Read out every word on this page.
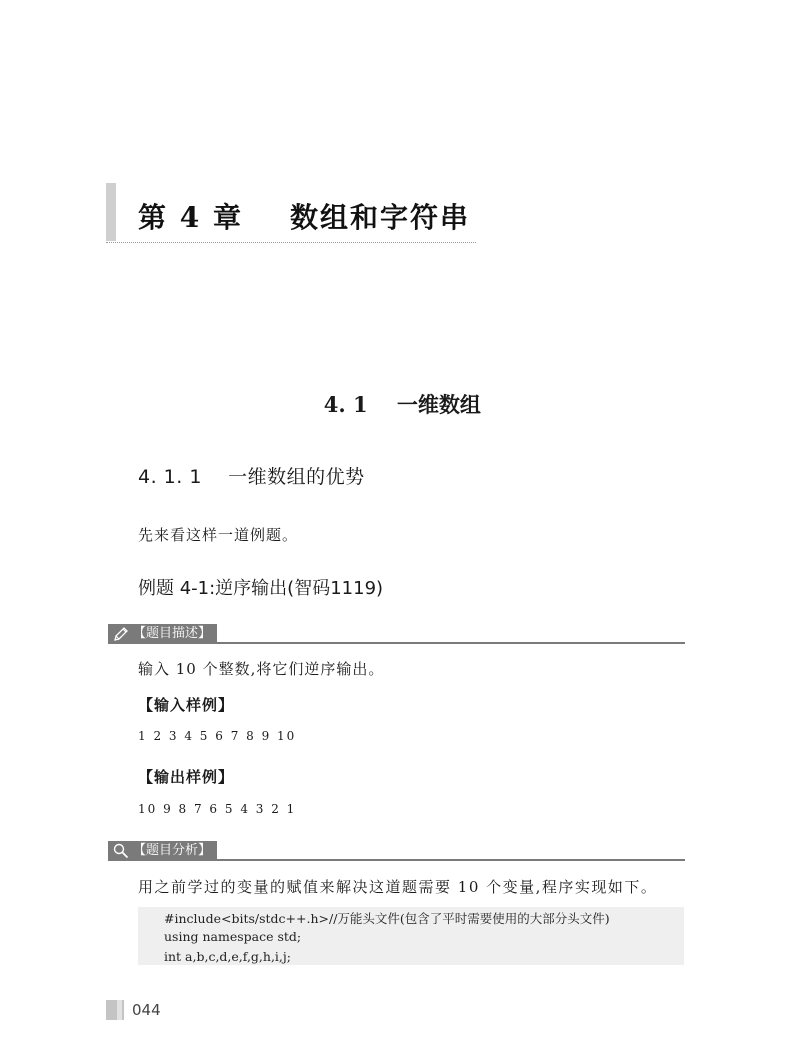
第 4 章    数组和字符串

4. 1    一维数组

4. 1. 1    一维数组的优势
先来看这样一道例题。
例题 4-1:逆序输出(智码1119)
【题目描述】
输入 10 个整数,将它们逆序输出。
【输入样例】
1 2 3 4 5 6 7 8 9 10
【输出样例】
10 9 8 7 6 5 4 3 2 1
【题目分析】
用之前学过的变量的赋值来解决这道题需要 10 个变量,程序实现如下。
#include<bits/stdc++.h>//万能头文件(包含了平时需要使用的大部分头文件)
using namespace std;
int a,b,c,d,e,f,g,h,i,j;
044
